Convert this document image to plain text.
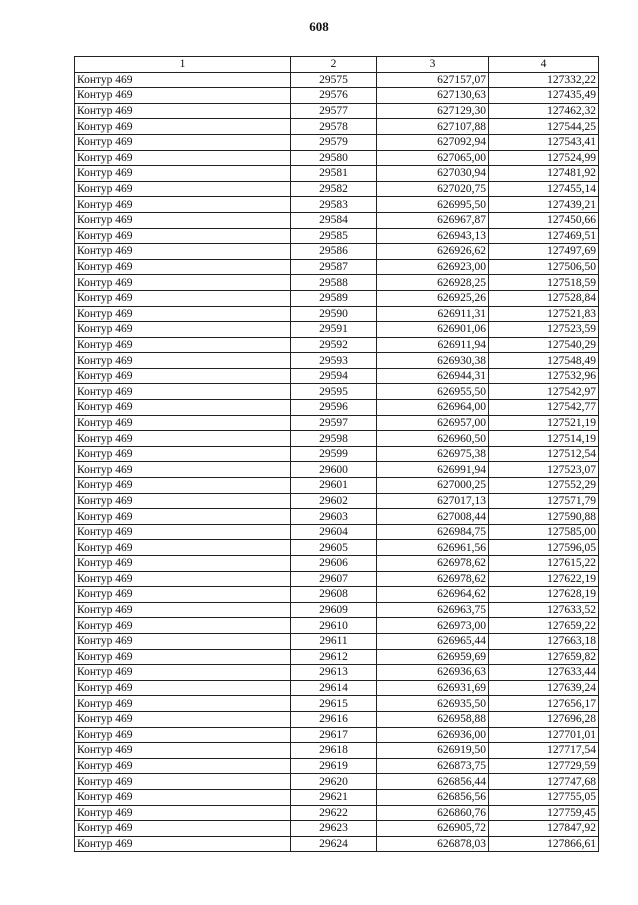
608
1	2	3	4
Контур 469	29575	627157,07	127332,22
Контур 469	29576	627130,63	127435,49
Контур 469	29577	627129,30	127462,32
Контур 469	29578	627107,88	127544,25
Контур 469	29579	627092,94	127543,41
Контур 469	29580	627065,00	127524,99
Контур 469	29581	627030,94	127481,92
Контур 469	29582	627020,75	127455,14
Контур 469	29583	626995,50	127439,21
Контур 469	29584	626967,87	127450,66
Контур 469	29585	626943,13	127469,51
Контур 469	29586	626926,62	127497,69
Контур 469	29587	626923,00	127506,50
Контур 469	29588	626928,25	127518,59
Контур 469	29589	626925,26	127528,84
Контур 469	29590	626911,31	127521,83
Контур 469	29591	626901,06	127523,59
Контур 469	29592	626911,94	127540,29
Контур 469	29593	626930,38	127548,49
Контур 469	29594	626944,31	127532,96
Контур 469	29595	626955,50	127542,97
Контур 469	29596	626964,00	127542,77
Контур 469	29597	626957,00	127521,19
Контур 469	29598	626960,50	127514,19
Контур 469	29599	626975,38	127512,54
Контур 469	29600	626991,94	127523,07
Контур 469	29601	627000,25	127552,29
Контур 469	29602	627017,13	127571,79
Контур 469	29603	627008,44	127590,88
Контур 469	29604	626984,75	127585,00
Контур 469	29605	626961,56	127596,05
Контур 469	29606	626978,62	127615,22
Контур 469	29607	626978,62	127622,19
Контур 469	29608	626964,62	127628,19
Контур 469	29609	626963,75	127633,52
Контур 469	29610	626973,00	127659,22
Контур 469	29611	626965,44	127663,18
Контур 469	29612	626959,69	127659,82
Контур 469	29613	626936,63	127633,44
Контур 469	29614	626931,69	127639,24
Контур 469	29615	626935,50	127656,17
Контур 469	29616	626958,88	127696,28
Контур 469	29617	626936,00	127701,01
Контур 469	29618	626919,50	127717,54
Контур 469	29619	626873,75	127729,59
Контур 469	29620	626856,44	127747,68
Контур 469	29621	626856,56	127755,05
Контур 469	29622	626860,76	127759,45
Контур 469	29623	626905,72	127847,92
Контур 469	29624	626878,03	127866,61
